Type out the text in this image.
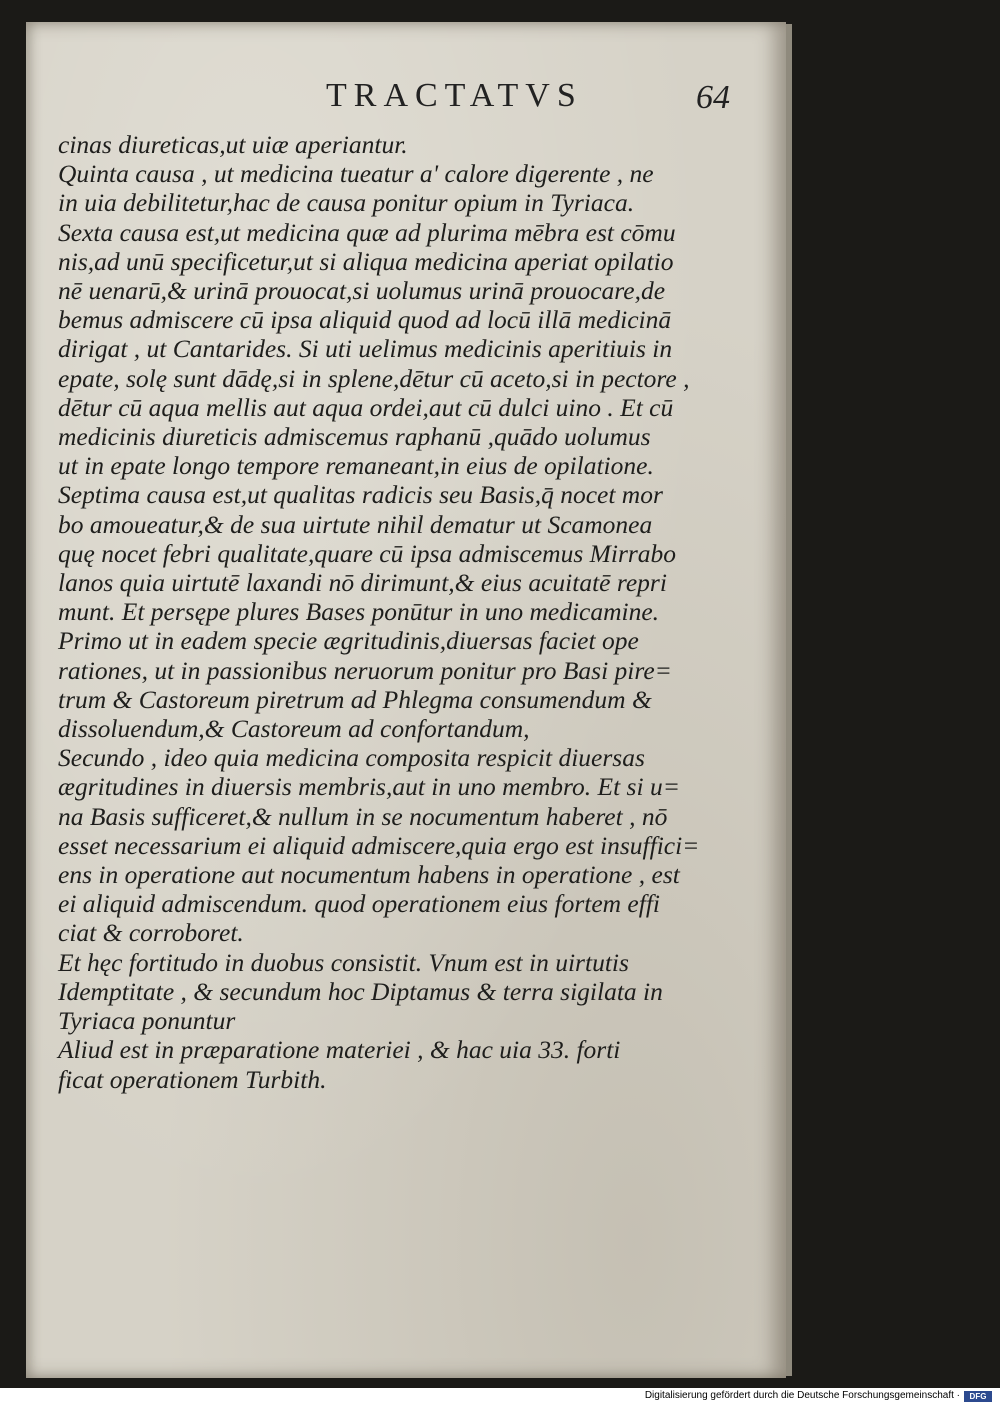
TRACTATVS	64
cinas diureticas,ut uiæ aperiantur.
Quinta causa , ut medicina tueatur a' calore digerente , ne
in uia debilitetur,hac de causa ponitur opium in Tyriaca.
Sexta causa est,ut medicina quæ ad plurima mēbra est cōmu
nis,ad unū specificetur,ut si aliqua medicina aperiat opilatio
nē uenarū,& urinā prouocat,si uolumus urinā prouocare,de
bemus admiscere cū ipsa aliquid quod ad locū illā medicinā
dirigat , ut Cantarides. Si uti uelimus medicinis aperitiuis in
epate, solę sunt dādę,si in splene,dētur cū aceto,si in pectore ,
dētur cū aqua mellis aut aqua ordei,aut cū dulci uino . Et cū
medicinis diureticis admiscemus raphanū ,quādo uolumus
ut in epate longo tempore remaneant,in eius de opilatione.
Septima causa est,ut qualitas radicis seu Basis,q̄ nocet mor
bo amoueatur,& de sua uirtute nihil dematur ut Scamonea
quę nocet febri qualitate,quare cū ipsa admiscemus Mirrabo
lanos quia uirtutē laxandi nō dirimunt,& eius acuitatē repri
munt. Et persępe plures Bases ponūtur in uno medicamine.
Primo ut in eadem specie ægritudinis,diuersas faciet ope
rationes, ut in passionibus neruorum ponitur pro Basi pire=
trum & Castoreum piretrum ad Phlegma consumendum &
dissoluendum,& Castoreum ad confortandum,
Secundo , ideo quia medicina composita respicit diuersas
ægritudines in diuersis membris,aut in uno membro. Et si u=
na Basis sufficeret,& nullum in se nocumentum haberet , nō
esset necessarium ei aliquid admiscere,quia ergo est insuffici=
ens in operatione aut nocumentum habens in operatione , est
ei aliquid admiscendum. quod operationem eius fortem effi
ciat & corroboret.
Et hęc fortitudo in duobus consistit. Vnum est in uirtutis
Idemptitate , & secundum hoc Diptamus & terra sigilata in
Tyriaca ponuntur
Aliud est in præparatione materiei , & hac uia 33. forti
ficat operationem Turbith.
Digitalisierung gefördert durch die Deutsche Forschungsgemeinschaft ·	DFG
